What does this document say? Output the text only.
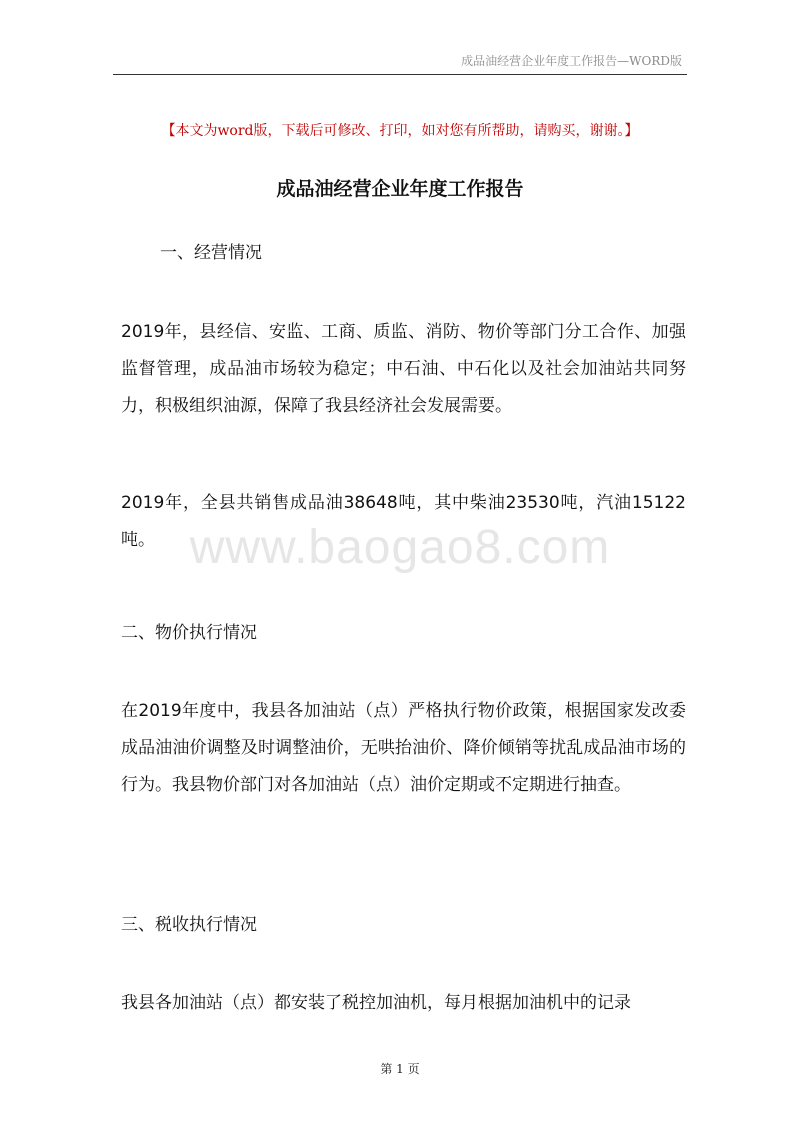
成品油经营企业年度工作报告—WORD版
【本文为word版，下载后可修改、打印，如对您有所帮助，请购买，谢谢。】
成品油经营企业年度工作报告
一、经营情况
2019年，县经信、安监、工商、质监、消防、物价等部门分工合作、加强监督管理，成品油市场较为稳定；中石油、中石化以及社会加油站共同努力，积极组织油源，保障了我县经济社会发展需要。
2019年，全县共销售成品油38648吨，其中柴油23530吨，汽油15122吨。 www.baogao8.com
二、物价执行情况
在2019年度中，我县各加油站（点）严格执行物价政策，根据国家发改委成品油油价调整及时调整油价，无哄抬油价、降价倾销等扰乱成品油市场的行为。我县物价部门对各加油站（点）油价定期或不定期进行抽查。
三、税收执行情况
我县各加油站（点）都安装了税控加油机，每月根据加油机中的记录
第 1 页
